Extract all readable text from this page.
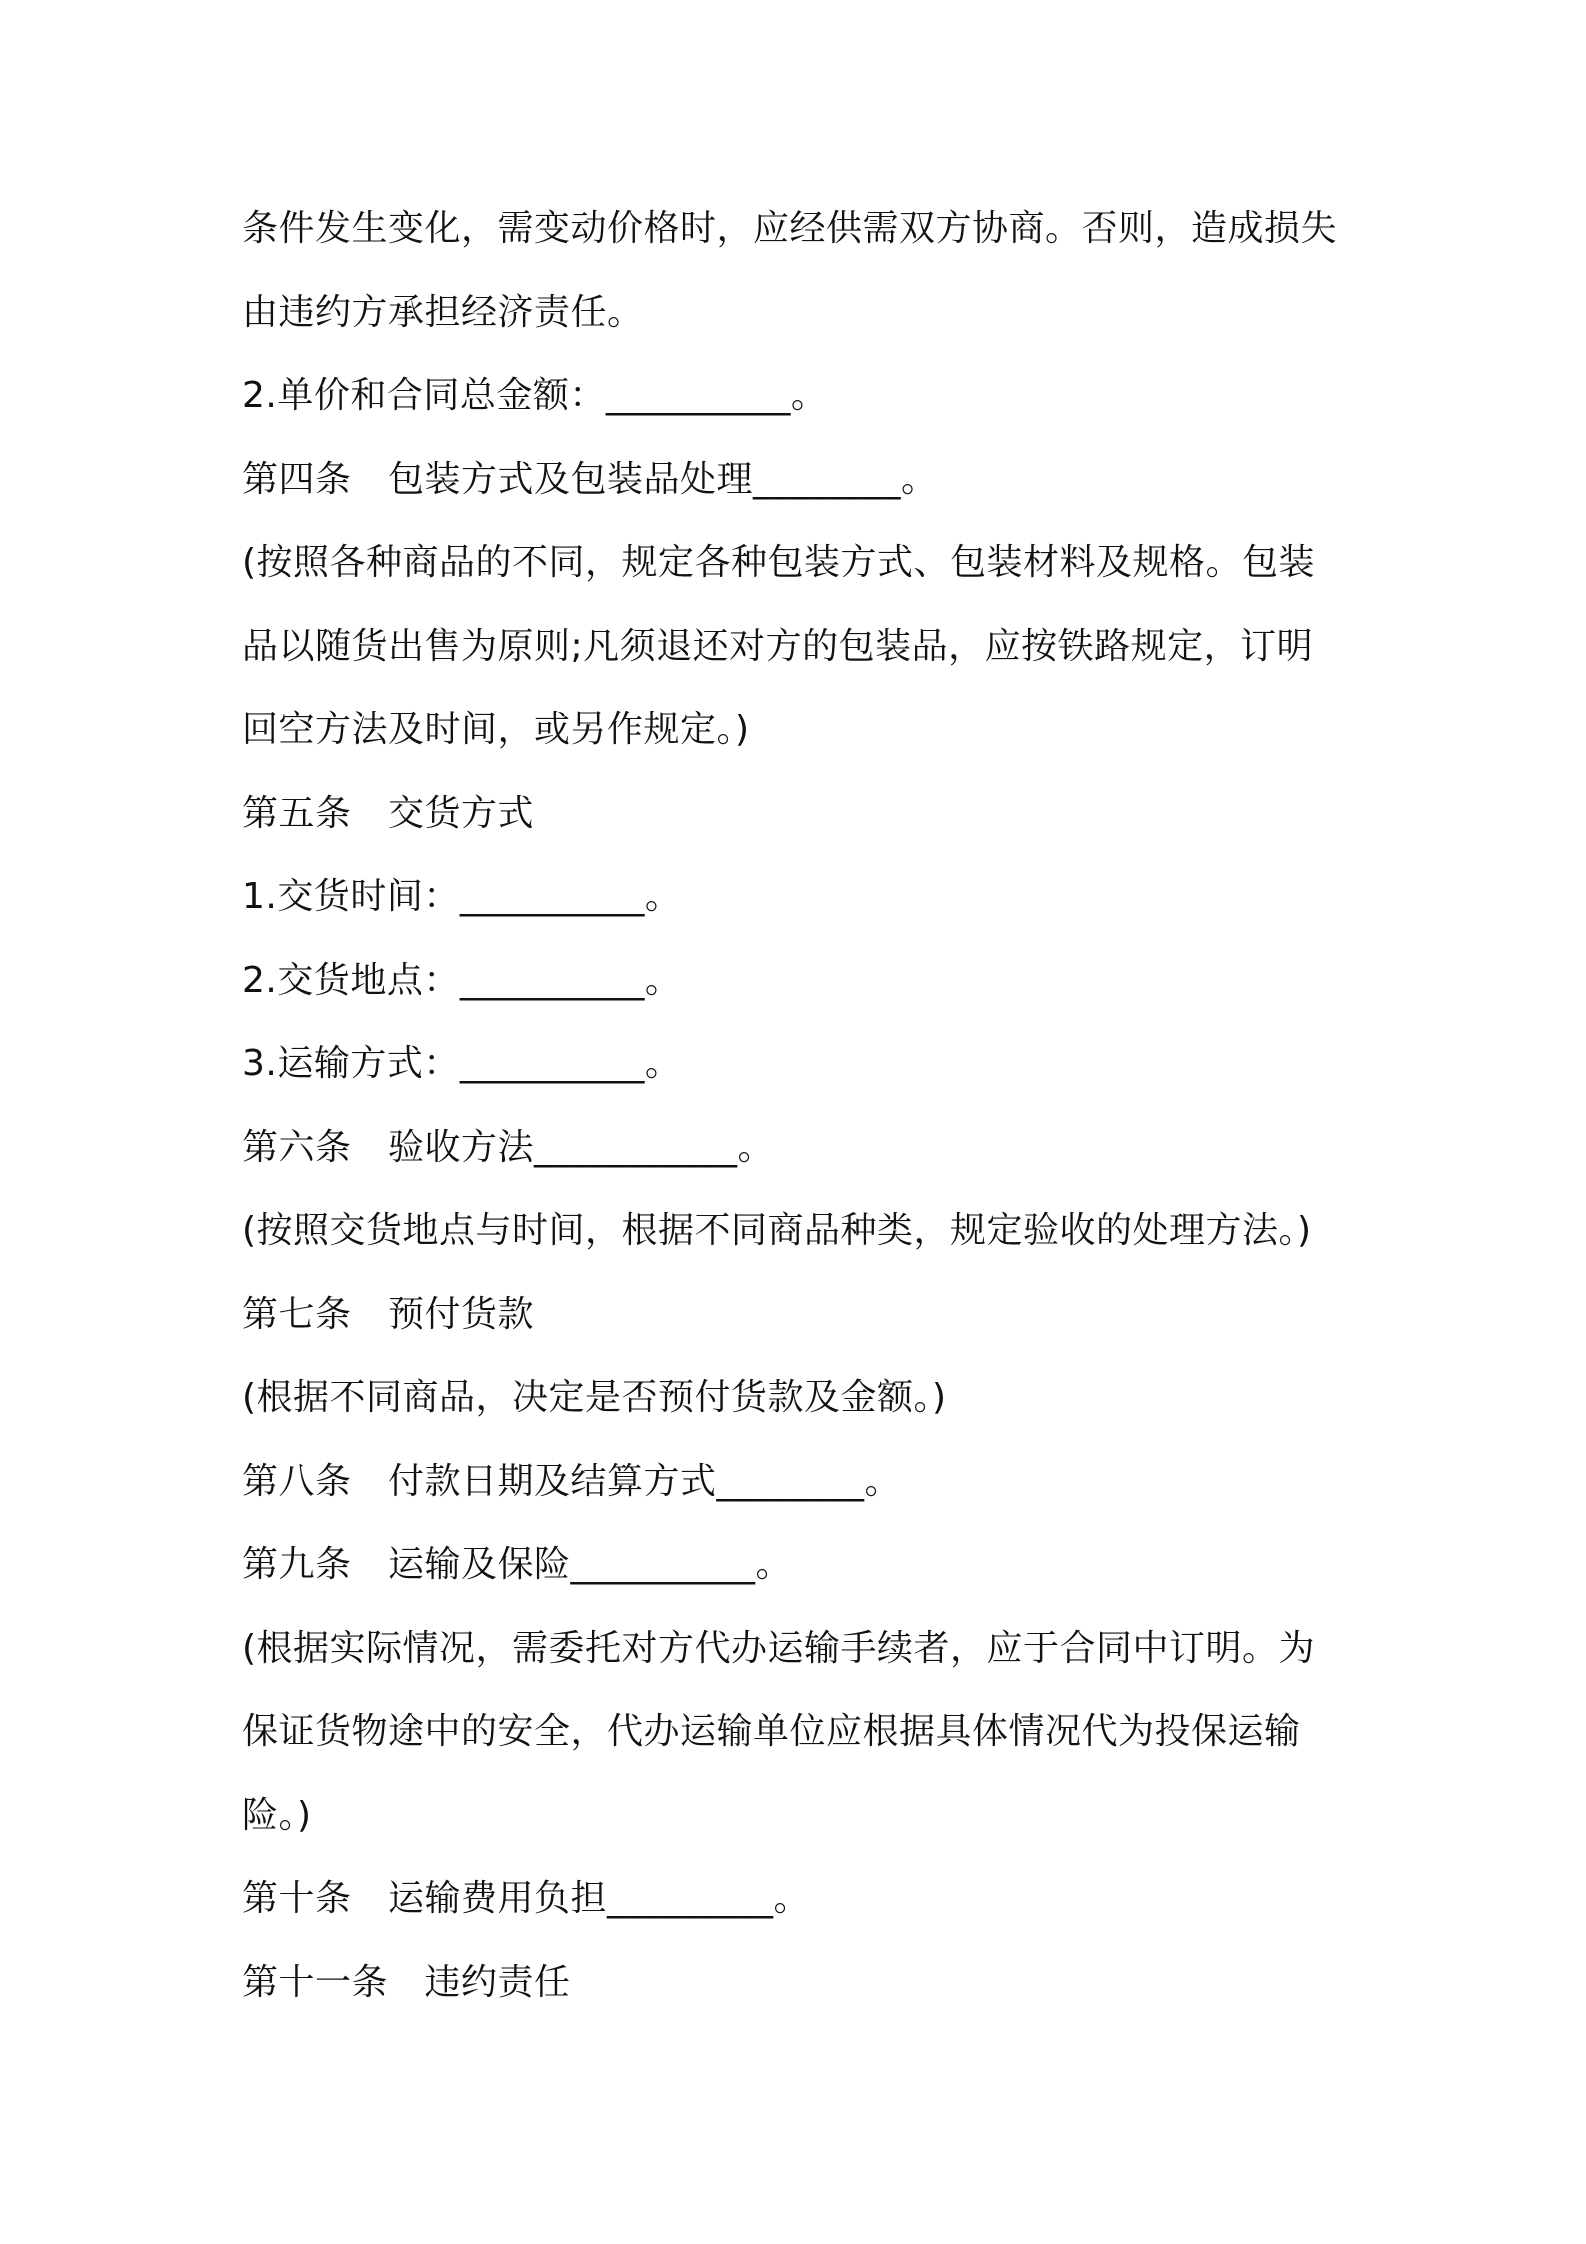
条件发生变化，需变动价格时，应经供需双方协商。否则，造成损失

由违约方承担经济责任。

2.单价和合同总金额：__________。

第四条　包装方式及包装品处理________。

(按照各种商品的不同，规定各种包装方式、包装材料及规格。包装

品以随货出售为原则;凡须退还对方的包装品，应按铁路规定，订明

回空方法及时间，或另作规定。)

第五条　交货方式

1.交货时间：__________。

2.交货地点：__________。

3.运输方式：__________。

第六条　验收方法___________。

(按照交货地点与时间，根据不同商品种类，规定验收的处理方法。)

第七条　预付货款

(根据不同商品，决定是否预付货款及金额。)

第八条　付款日期及结算方式________。

第九条　运输及保险__________。

(根据实际情况，需委托对方代办运输手续者，应于合同中订明。为

保证货物途中的安全，代办运输单位应根据具体情况代为投保运输

险。)

第十条　运输费用负担_________。

第十一条　违约责任
